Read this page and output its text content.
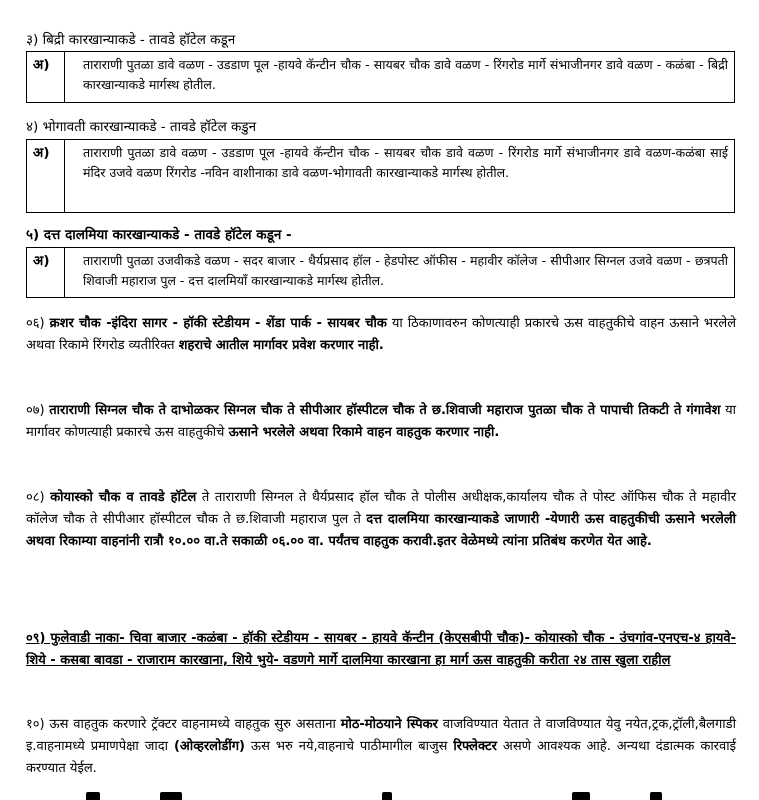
३) बिद्री कारखान्याकडे - तावडे हॉटेल कडून
अ)	ताराराणी पुतळा डावे वळण - उडडाण पूल -हायवे कॅन्टीन चौक - सायबर चौक डावे वळण - रिंगरोड मार्गे संभाजीनगर डावे वळण - कळंबा - बिद्री कारखान्याकडे मार्गस्थ होतील.
४) भोगावती कारखान्याकडे - तावडे हॉटेल कडुन
अ)	ताराराणी पुतळा डावे वळण - उडडाण पूल -हायवे कॅन्टीन चौक - सायबर चौक डावे वळण - रिंगरोड मार्गे संभाजीनगर डावे वळण-कळंबा साई मंदिर उजवे वळण रिंगरोड -नविन वाशीनाका डावे वळण-भोगावती कारखान्याकडे मार्गस्थ होतील.
५) दत्त दालमिया कारखान्याकडे - तावडे हॉटेल कडून -
अ)	ताराराणी पुतळा उजवीकडे वळण - सदर बाजार - धैर्यप्रसाद हॉल - हेडपोस्ट ऑफीस - महावीर कॉलेज - सीपीआर सिग्नल उजवे वळण - छत्रपती शिवाजी महाराज पुल - दत्त दालमियाँ कारखान्याकडे मार्गस्थ होतील.
०६) क्रशर चौक -इंदिरा सागर - हॉकी स्टेडीयम - शेंडा पार्क - सायबर चौक या ठिकाणावरुन कोणत्याही प्रकारचे ऊस वाहतुकीचे वाहन ऊसाने भरलेले अथवा रिकामे रिंगरोड व्यतीरिक्त शहराचे आतील मार्गावर प्रवेश करणार नाही.
०७) ताराराणी सिग्नल चौक ते दाभोळकर सिग्नल चौक ते सीपीआर हॉस्पीटल चौक ते छ.शिवाजी महाराज पुतळा चौक ते पापाची तिकटी ते गंगावेश या मार्गावर कोणत्याही प्रकारचे ऊस वाहतुकीचे ऊसाने भरलेले अथवा रिकामे वाहन वाहतुक करणार नाही.
०८) कोयास्को चौक व तावडे हॉटेल ते ताराराणी सिग्नल ते धैर्यप्रसाद हॉल चौक ते पोलीस अधीक्षक,कार्यालय चौक ते पोस्ट ऑफिस चौक ते महावीर कॉलेज चौक ते सीपीआर हॉस्पीटल चौक ते छ.शिवाजी महाराज पुल ते दत्त दालमिया कारखान्याकडे जाणारी -येणारी ऊस वाहतुकीची ऊसाने भरलेली अथवा रिकाम्या वाहनांनी रात्रौ १०.०० वा.ते सकाळी ०६.०० वा. पर्यंतच वाहतुक करावी.इतर वेळेमध्ये त्यांना प्रतिबंध करणेत येत आहे.
०९) फुलेवाडी नाका- चिवा बाजार -कळंबा - हॉकी स्टेडीयम - सायबर - हायवे कॅन्टीन (केएसबीपी चौक)- कोयास्को चौक - उंचगांव-एनएच-४ हायवे-शिये - कसबा बावडा - राजाराम कारखाना, शिये भुये- वडणगे मार्गे दालमिया कारखाना हा मार्ग ऊस वाहतुकी करीता २४ तास खुला राहील
१०) ऊस वाहतुक करणारे ट्रॅक्टर वाहनामध्ये वाहतुक सुरु असताना मोठ-मोठयाने स्पिकर वाजविण्यात येतात ते वाजविण्यात येवु नयेत,ट्रक,ट्रॉली,बैलगाडी इ.वाहनामध्ये प्रमाणपेक्षा जादा (ओव्हरलोडींग) ऊस भरु नये,वाहनाचे पाठीमागील बाजुस रिफ्लेक्टर असणे आवश्यक आहे. अन्यथा दंडात्मक कारवाई करण्यात येईल.
